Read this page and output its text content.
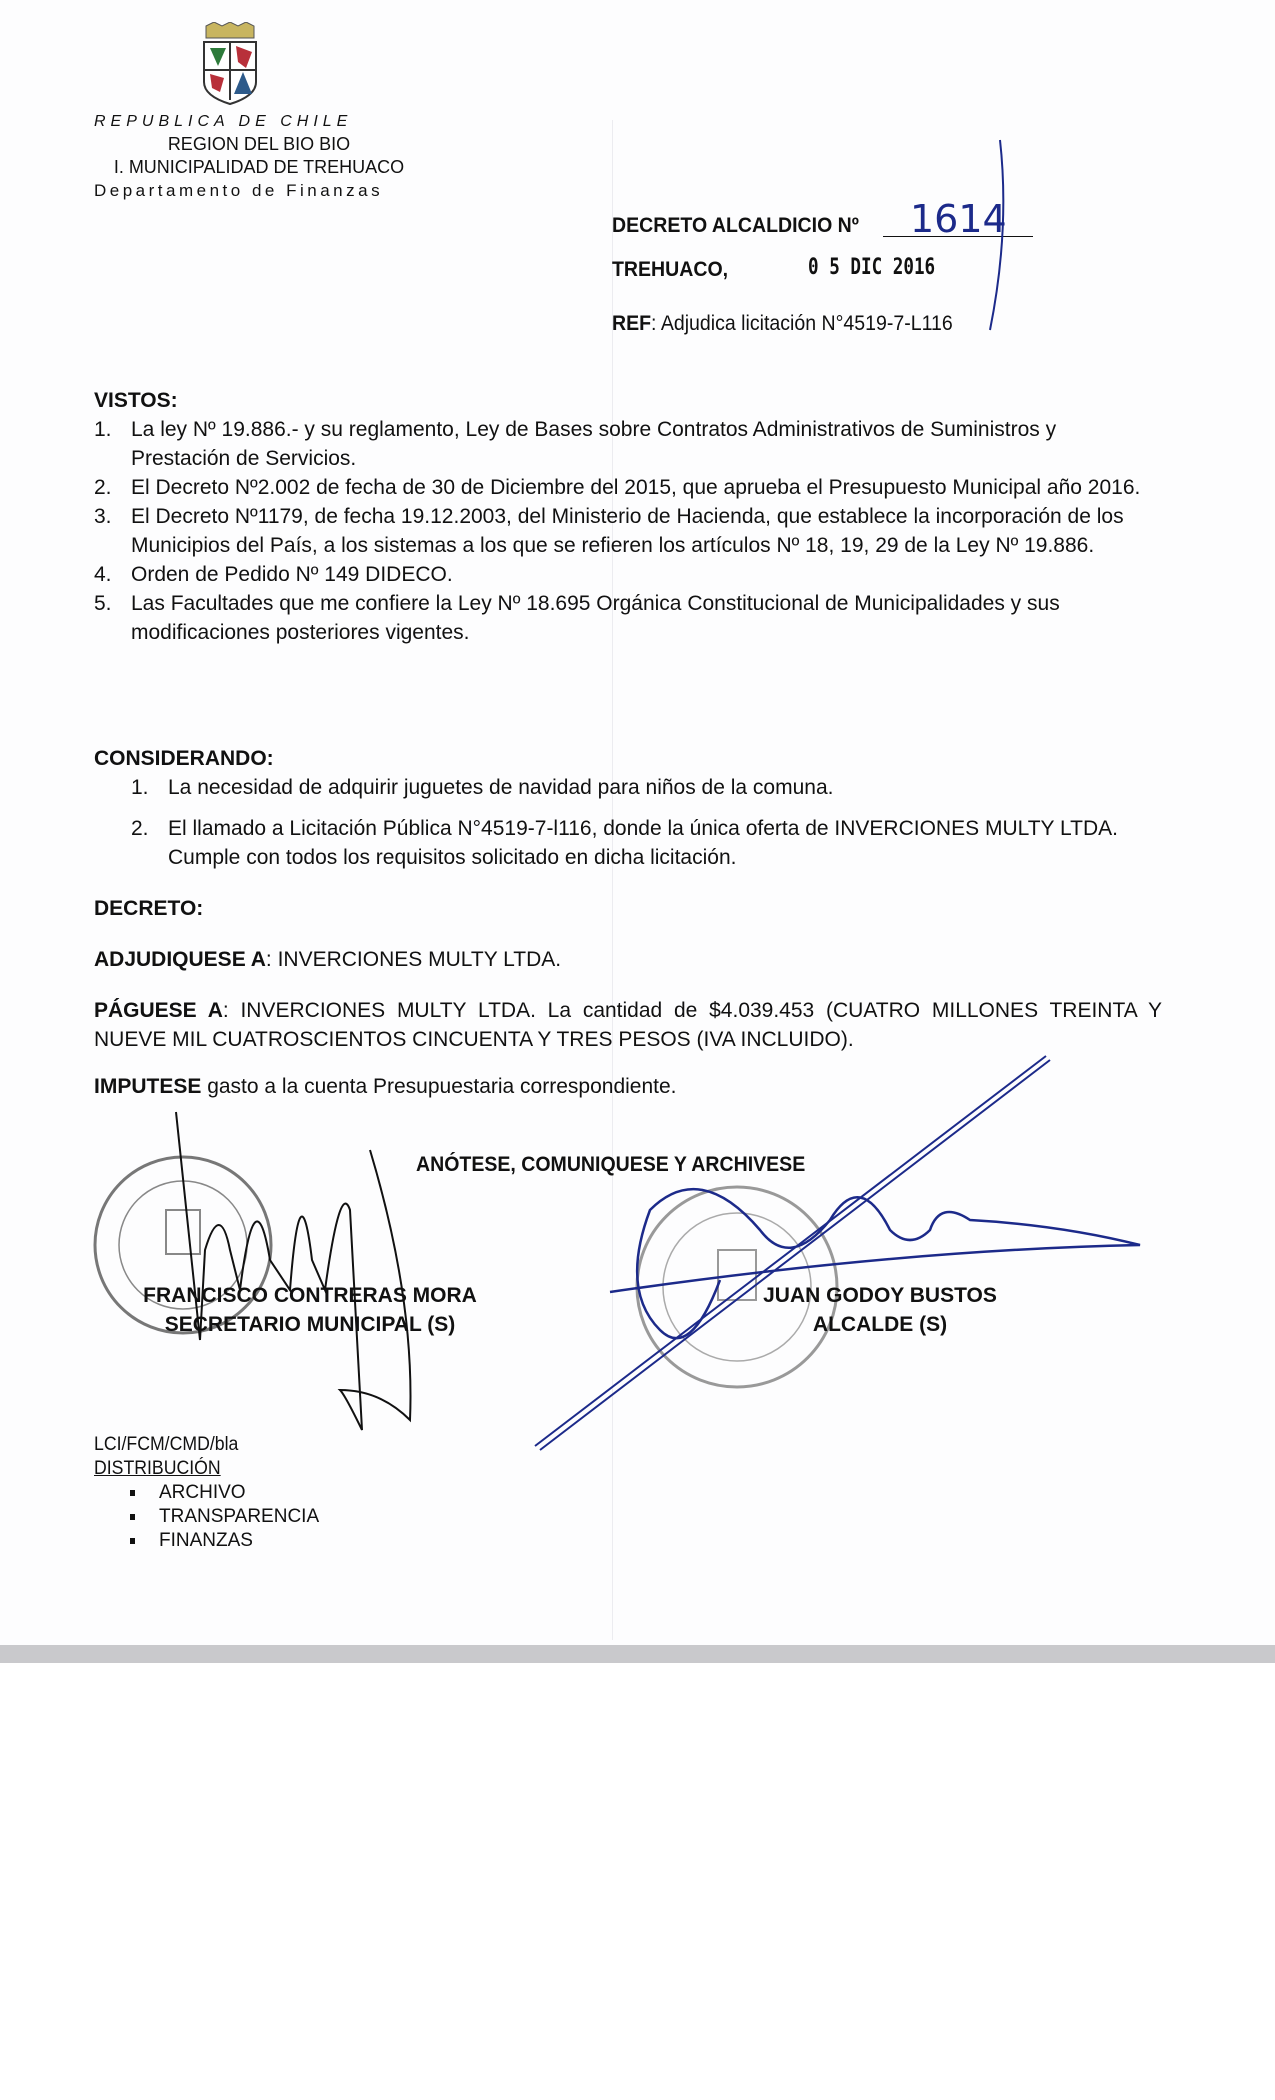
REPUBLICA DE CHILE
REGION DEL BIO BIO
I. MUNICIPALIDAD DE TREHUACO
Departamento de Finanzas
DECRETO ALCALDICIO Nº 1614
TREHUACO,	0 5 DIC 2016
REF: Adjudica licitación N°4519-7-L116
VISTOS:
1. La ley Nº 19.886.- y su reglamento, Ley de Bases sobre Contratos Administrativos de Suministros y Prestación de Servicios.
2. El Decreto Nº2.002 de fecha de 30 de Diciembre del 2015, que aprueba el Presupuesto Municipal año 2016.
3. El Decreto Nº1179, de fecha 19.12.2003, del Ministerio de Hacienda, que establece la incorporación de los Municipios del País, a los sistemas a los que se refieren los artículos Nº 18, 19, 29 de la Ley Nº 19.886.
4. Orden de Pedido Nº 149 DIDECO.
5. Las Facultades que me confiere la Ley Nº 18.695 Orgánica Constitucional de Municipalidades y sus modificaciones posteriores vigentes.
CONSIDERANDO:
1. La necesidad de adquirir juguetes de navidad para niños de la comuna.
2. El llamado a Licitación Pública N°4519-7-l116, donde la única oferta de INVERCIONES MULTY LTDA. Cumple con todos los requisitos solicitado en dicha licitación.
DECRETO:
ADJUDIQUESE A: INVERCIONES MULTY LTDA.
PÁGUESE A: INVERCIONES MULTY LTDA. La cantidad de $4.039.453 (CUATRO MILLONES TREINTA Y NUEVE MIL CUATROSCIENTOS CINCUENTA Y TRES PESOS (IVA INCLUIDO).
IMPUTESE gasto a la cuenta Presupuestaria correspondiente.
ANÓTESE, COMUNIQUESE Y ARCHIVESE
FRANCISCO CONTRERAS MORA
SECRETARIO MUNICIPAL (S)
JUAN GODOY BUSTOS
ALCALDE (S)
LCI/FCM/CMD/bla
DISTRIBUCIÓN
ARCHIVO
TRANSPARENCIA
FINANZAS
